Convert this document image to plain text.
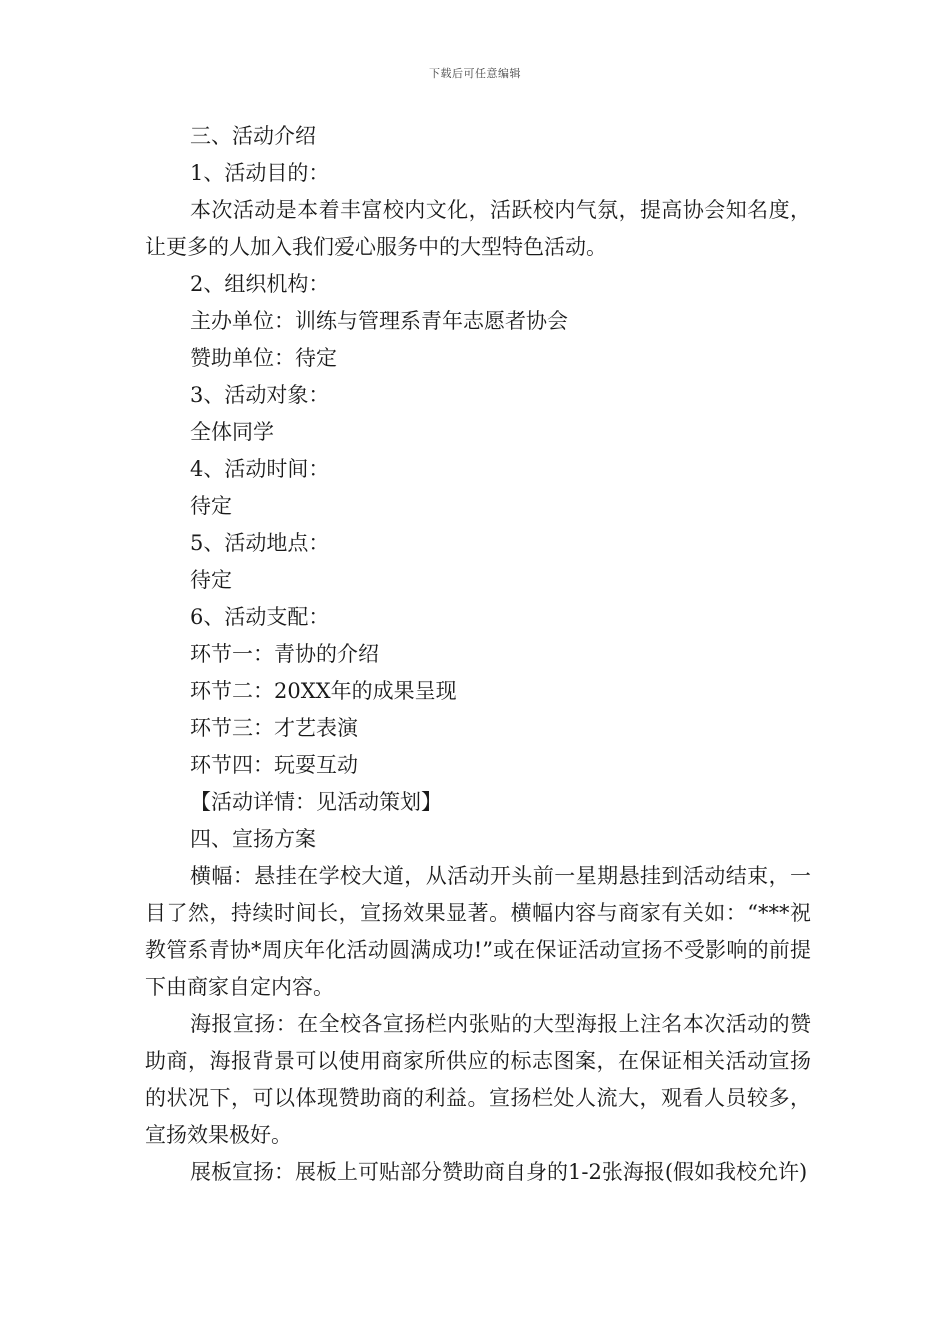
下载后可任意编辑

三、活动介绍

1、活动目的：

本次活动是本着丰富校内文化，活跃校内气氛，提高协会知名度，让更多的人加入我们爱心服务中的大型特色活动。

2、组织机构：

主办单位：训练与管理系青年志愿者协会

赞助单位：待定

3、活动对象：

全体同学

4、活动时间：

待定

5、活动地点：

待定

6、活动支配：

环节一：青协的介绍

环节二：20XX年的成果呈现

环节三：才艺表演

环节四：玩耍互动

【活动详情：见活动策划】

四、宣扬方案

横幅：悬挂在学校大道，从活动开头前一星期悬挂到活动结束，一目了然，持续时间长，宣扬效果显著。横幅内容与商家有关如：“***祝教管系青协*周庆年化活动圆满成功!”或在保证活动宣扬不受影响的前提下由商家自定内容。

海报宣扬：在全校各宣扬栏内张贴的大型海报上注名本次活动的赞助商，海报背景可以使用商家所供应的标志图案，在保证相关活动宣扬的状况下，可以体现赞助商的利益。宣扬栏处人流大，观看人员较多，宣扬效果极好。

展板宣扬：展板上可贴部分赞助商自身的1-2张海报(假如我校允许)
